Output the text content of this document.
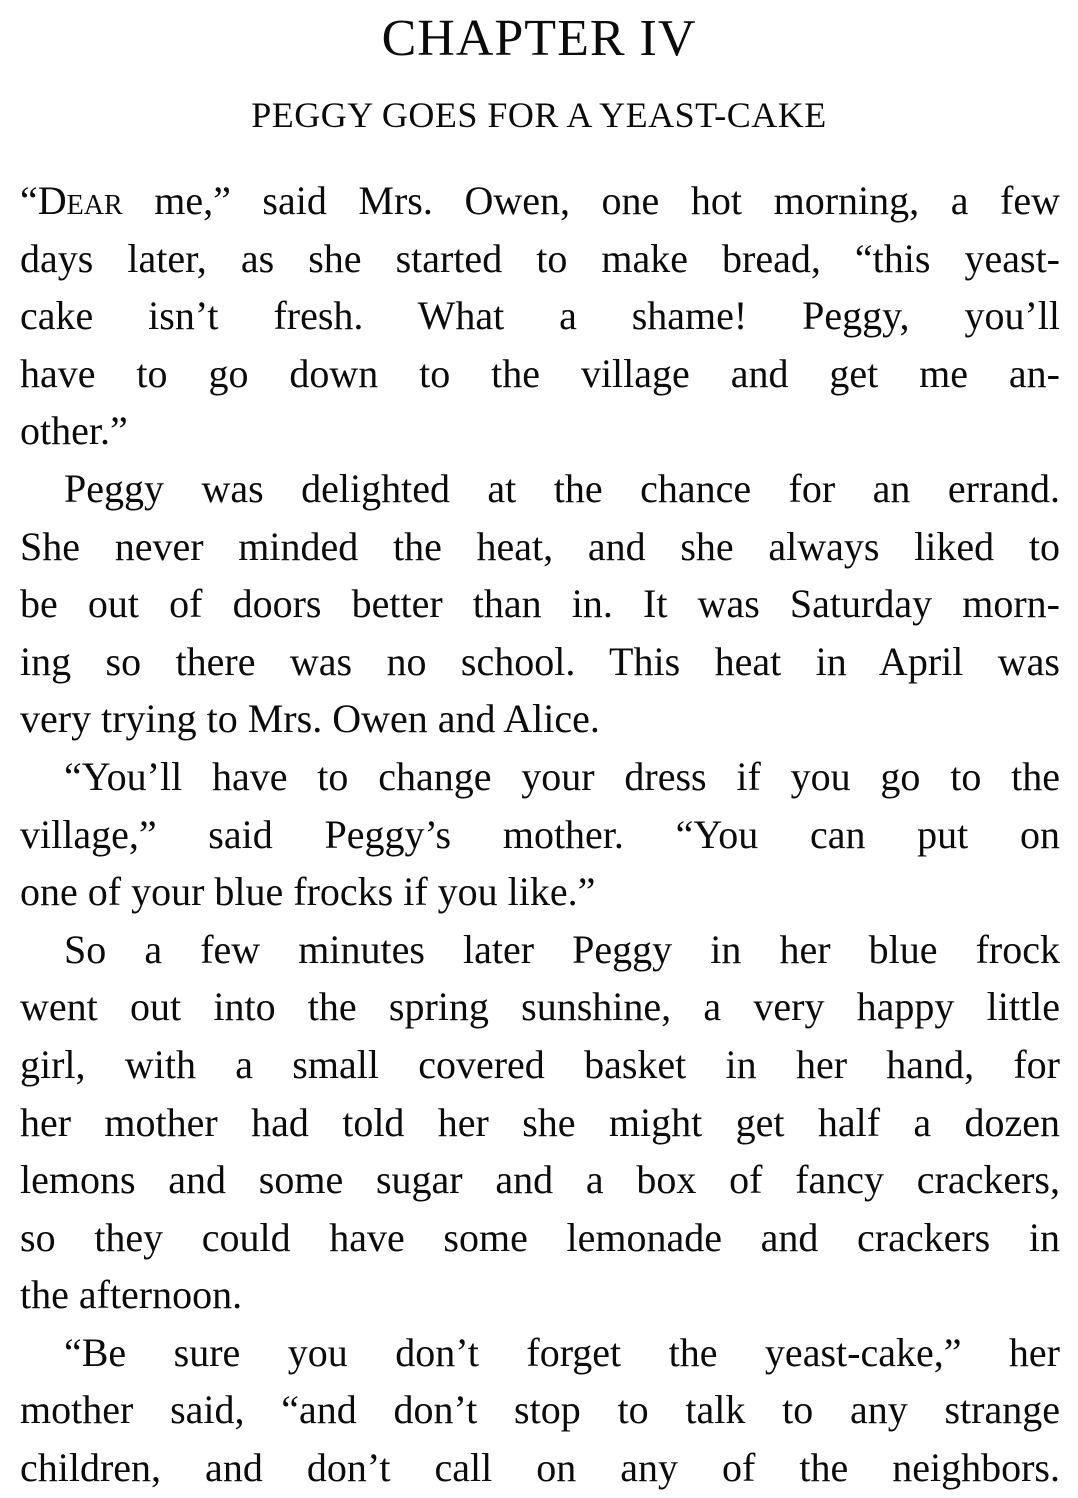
CHAPTER IV
PEGGY GOES FOR A YEAST-CAKE
“Dear me,” said Mrs. Owen, one hot morning, a few
days later, as she started to make bread, “this yeast-
cake isn’t fresh. What a shame! Peggy, you’ll
have to go down to the village and get me an-
other.”
Peggy was delighted at the chance for an errand.
She never minded the heat, and she always liked to
be out of doors better than in. It was Saturday morn-
ing so there was no school. This heat in April was
very trying to Mrs. Owen and Alice.
“You’ll have to change your dress if you go to the
village,” said Peggy’s mother. “You can put on
one of your blue frocks if you like.”
So a few minutes later Peggy in her blue frock
went out into the spring sunshine, a very happy little
girl, with a small covered basket in her hand, for
her mother had told her she might get half a dozen
lemons and some sugar and a box of fancy crackers,
so they could have some lemonade and crackers in
the afternoon.
“Be sure you don’t forget the yeast-cake,” her
mother said, “and don’t stop to talk to any strange
children, and don’t call on any of the neighbors.
